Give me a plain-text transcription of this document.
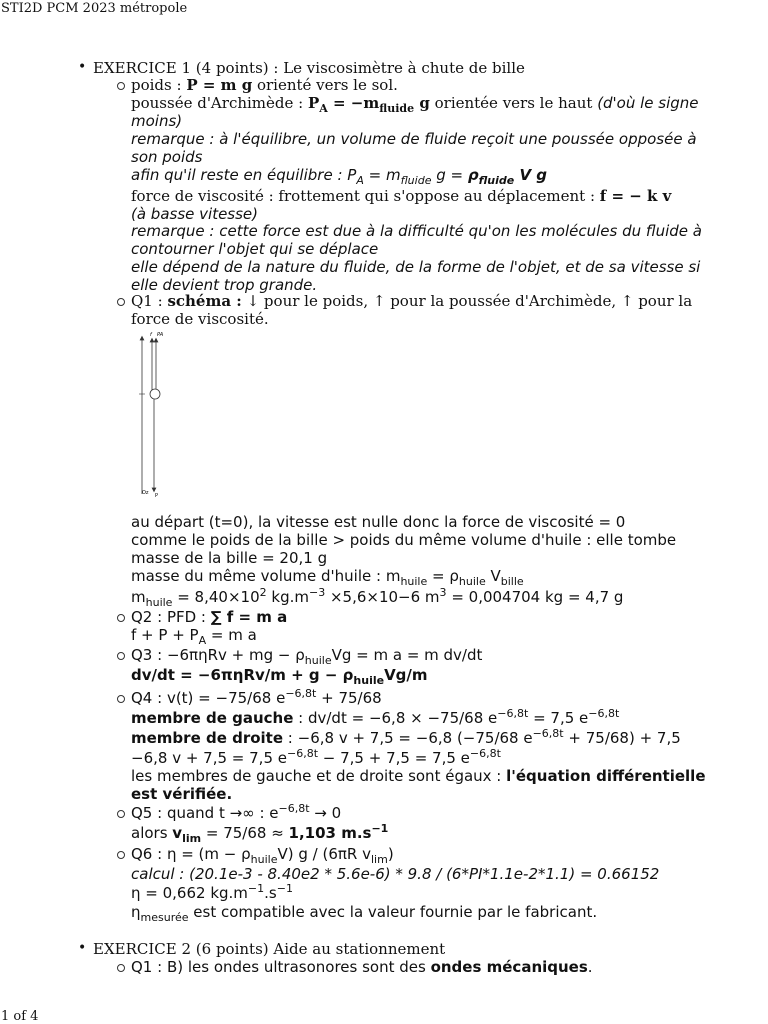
STI2D PCM 2023 métropole
• EXERCICE 1 (4 points) : Le viscosimètre à chute de bille
poids : P = m g orienté vers le sol.
poussée d'Archimède : $P_A = -m_{fluide}$ g orientée vers le haut (d'où le signe moins)
remarque : à l'équilibre, un volume de fluide reçoit une poussée opposée à son poids
afin qu'il reste en équilibre : $P_A = m_{fluide}$ $g = \rho_{fluide}$ V g
force de viscosité : frottement qui s'oppose au déplacement : f = − k v
(à basse vitesse)
remarque : cette force est due à la difficulté qu'on les molécules du fluide à contourner l'objet qui se déplace
elle dépend de la nature du fluide, de la forme de l'objet, et de sa vitesse si elle devient trop grande.
Q1 : schéma : ↓ pour le poids, ↑ pour la poussée d'Archimède, ↑ pour la force de viscosité.
f PA
Oz P
au départ (t=0), la vitesse est nulle donc la force de viscosité = 0
comme le poids de la bille > poids du même volume d'huile : elle tombe
masse de la bille = 20,1 g
masse du même volume d'huile : $m_{huile} = \rho_{huile}$ $V_{bille}$
$m_{huile} = 8,40\times 10^2$ $kg.m^{-3} \times 5,6\times 10-6$ $m^3 = 0,004704$ kg = 4,7 g
Q2 : PFD : ∑ f = m a
$f + P + P_A = m$ a
Q3 : −6πηRv + mg − $\rho_{huile}Vg = m$ a = m dv/dt
$dv/dt = -6\pi\eta Rv/m + g - \rho_{huile}Vg/m$
Q4 : v(t) = −75/68 $e^{-6,8t} + 75/68$
membre de gauche : dv/dt = −6,8 × −75/68 $e^{-6,8t} = 7,5$ $e^{-6,8t}$
membre de droite : −6,8 v + 7,5 = −6,8 (−75/68 $e^{-6,8t} + 75/68) + 7,5$
−6,8 v + 7,5 = 7,5 $e^{-6,8t} - 7,5 + 7,5 = 7,5$ $e^{-6,8t}$
les membres de gauche et de droite sont égaux : l'équation différentielle est vérifiée.
Q5 : quand t →∞ : $e^{-6,8t} \to 0$
alors $v_{lim} = 75/68 \approx 1,103$ $m.s^{-1}$
Q6 : $\eta = (m - \rho_{huile}V)$ g / (6πR $v_{lim}$)
calcul : (20.1e-3 - 8.40e2 * 5.6e-6) * 9.8 / (6*PI*1.1e-2*1.1) = 0.66152
η = 0,662 $kg.m^{-1}.s^{-1}$
$\eta_{mesurée}$ est compatible avec la valeur fournie par le fabricant.
• EXERCICE 2 (6 points) Aide au stationnement
Q1 : B) les ondes ultrasonores sont des ondes mécaniques.
1 of 4
